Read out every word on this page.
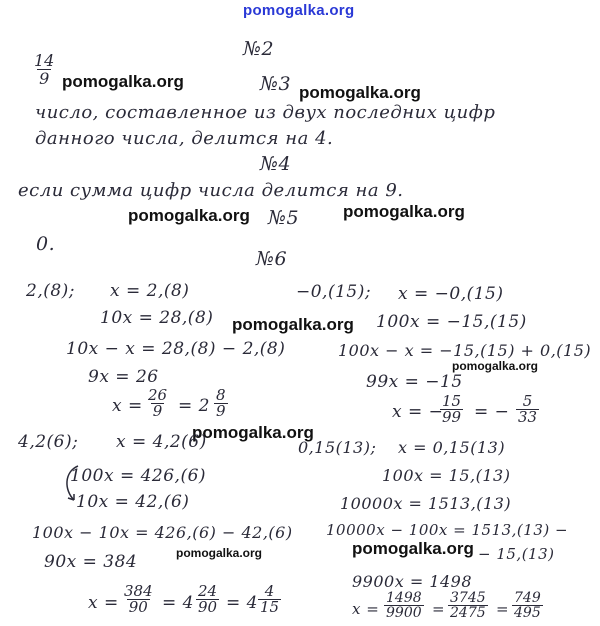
pomogalka.org
pomogalka.org
pomogalka.org
pomogalka.org	pomogalka.org
pomogalka.org
pomogalka.org
pomogalka.org
pomogalka.org	pomogalka.org
№2
$\frac{14}{9}$	№3
число, составленное из двух последних цифр
данного числа, делится на 4.
№4
если сумма цифр числа делится на 9.
№5
0.
№6
2,(8); x = 2,(8)
10x = 28,(8)
10x − x = 28,(8) − 2,(8)
9x = 26
$x = \frac{26}{9} = 2 \frac{8}{9}$
4,2(6); x = 4,2(6)
100x = 426,(6)
10x = 42,(6)
100x − 10x = 426,(6) − 42,(6)
90x = 384
$x = \frac{384}{90} = 4 \frac{24}{90} = 4 \frac{4}{15}$
−0,(15); x = −0,(15)
100x = −15,(15)
100x − x = −15,(15) + 0,(15)
99x = −15
x = −
$\frac{15}{99}$ = − $\frac{5}{33}$
0,15(13); x = 0,15(13)
100x = 15,(13)
10000x = 1513,(13)
10000x − 100x = 1513,(13) −
− 15,(13)
9900x = 1498
$x = \frac{1498}{9900} = \frac{3745}{2475} = \frac{749}{495}$
